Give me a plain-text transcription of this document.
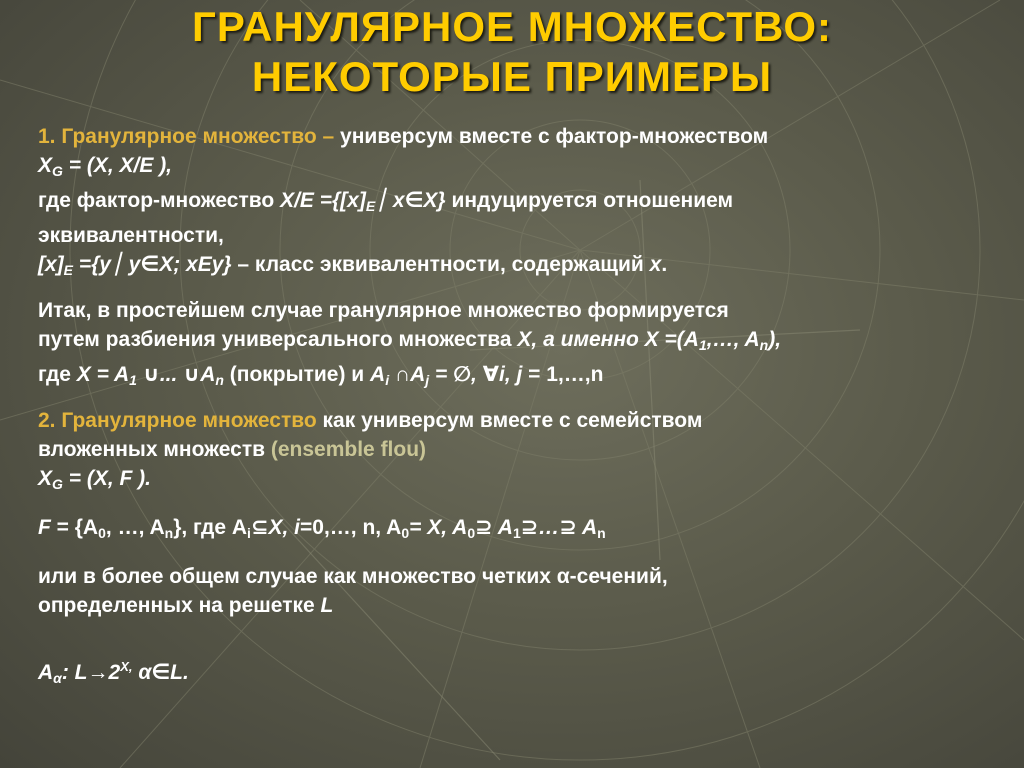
ГРАНУЛЯРНОЕ МНОЖЕСТВО:
НЕКОТОРЫЕ ПРИМЕРЫ
1. Гранулярное множество – универсум вместе с фактор-множеством
$X_G = (X$, X/E ),
где фактор-множество $X/E =\{[x]_E⏐$ x∈X} индуцируется отношением
эквивалентности,
$[x]_E$ ={y⏐ y∈X; xEy} – класс эквивалентности, содержащий x.
Итак, в простейшем случае гранулярное множество формируется
путем разбиения универсального множества X, а именно $X =(A_1,\dots$, $A_n$),
где $X = A_1$ ∪... $\cup A_n$ (покрытие) и $A_i$ $\cap A_j$ = ∅, ∀i, j = 1,…,n
2. Гранулярное множество как универсум вместе с семейством
вложенных множеств (ensemble flou)
$X_G = (X$, F ).
$F = \{A_0$, …, $A_n$}, где $A_i⊆X$, i=0,…, n, $A_0= X$, $A_0⊇$ $A_1⊇\dots⊇$ $A_n$
или в более общем случае как множество четких α-сечений,
определенных на решетке L
$A_\alpha$: $L\to 2^{X,}$ α∈L.
